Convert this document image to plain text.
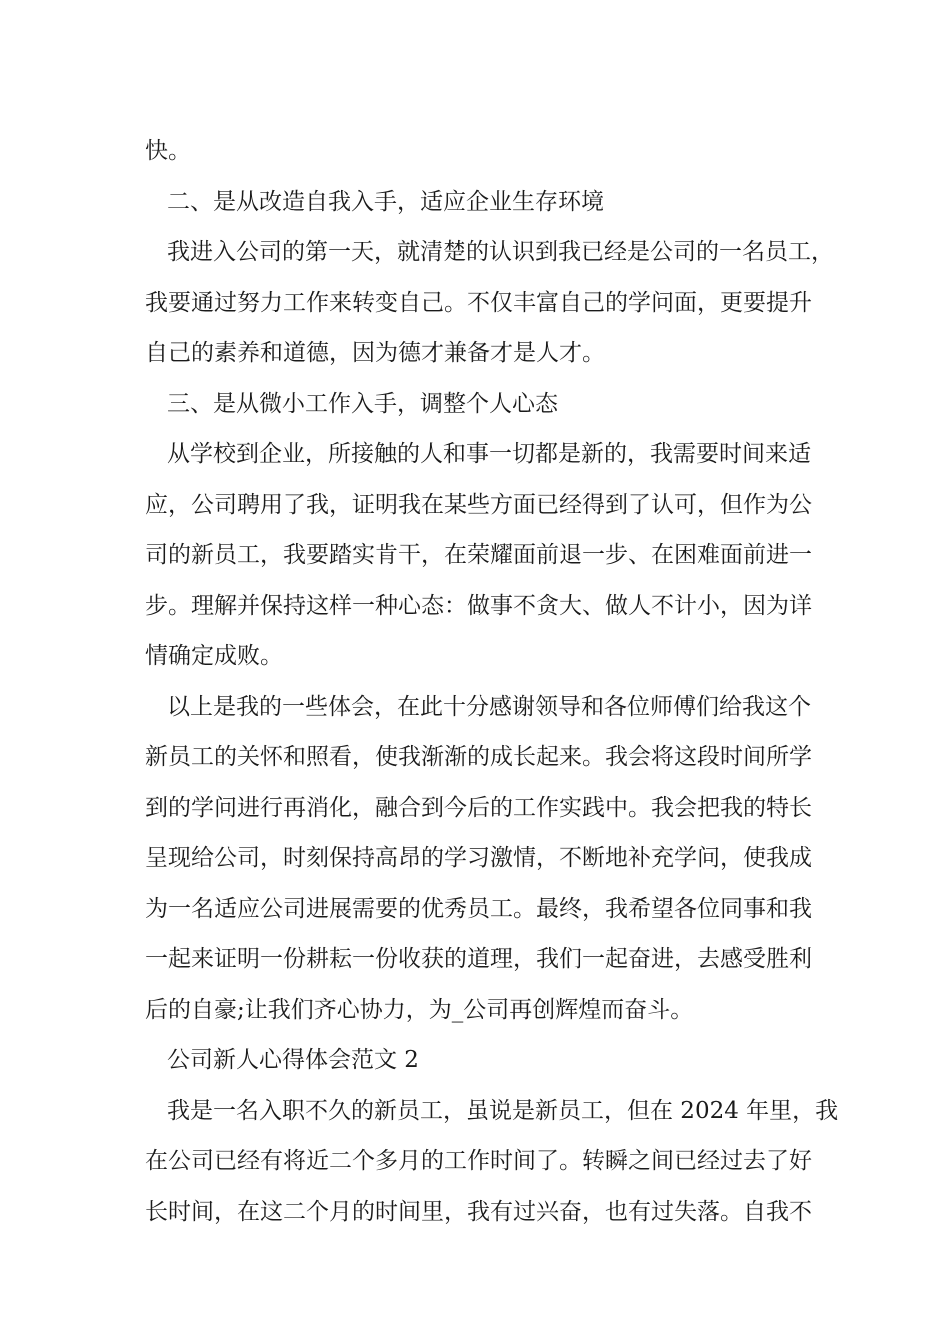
快。
二、是从改造自我入手，适应企业生存环境
我进入公司的第一天，就清楚的认识到我已经是公司的一名员工，
我要通过努力工作来转变自己。不仅丰富自己的学问面，更要提升
自己的素养和道德，因为德才兼备才是人才。
三、是从微小工作入手，调整个人心态
从学校到企业，所接触的人和事一切都是新的，我需要时间来适
应，公司聘用了我，证明我在某些方面已经得到了认可，但作为公
司的新员工，我要踏实肯干，在荣耀面前退一步、在困难面前进一
步。理解并保持这样一种心态：做事不贪大、做人不计小，因为详
情确定成败。
以上是我的一些体会，在此十分感谢领导和各位师傅们给我这个
新员工的关怀和照看，使我渐渐的成长起来。我会将这段时间所学
到的学问进行再消化，融合到今后的工作实践中。我会把我的特长
呈现给公司，时刻保持高昂的学习激情，不断地补充学问，使我成
为一名适应公司进展需要的优秀员工。最终，我希望各位同事和我
一起来证明一份耕耘一份收获的道理，我们一起奋进，去感受胜利
后的自豪;让我们齐心协力，为_公司再创辉煌而奋斗。
公司新人心得体会范文 2
我是一名入职不久的新员工，虽说是新员工，但在 2024 年里，我
在公司已经有将近二个多月的工作时间了。转瞬之间已经过去了好
长时间，在这二个月的时间里，我有过兴奋，也有过失落。自我不
